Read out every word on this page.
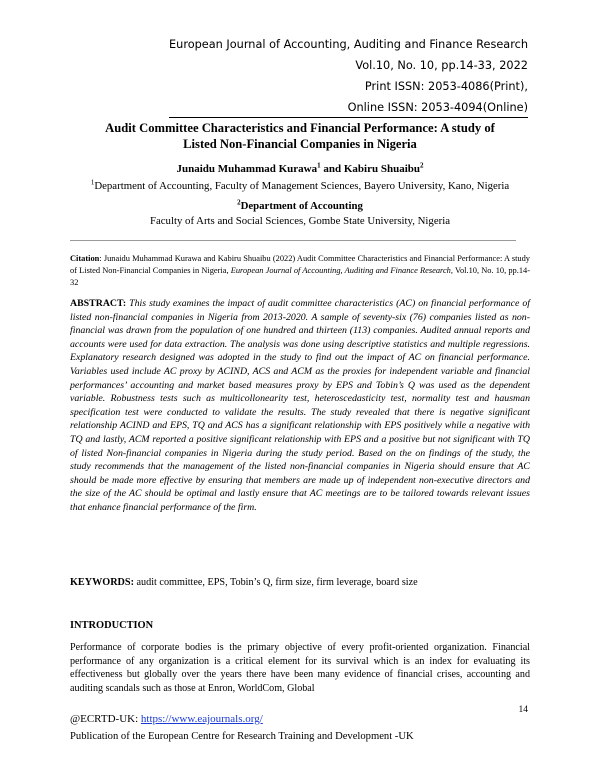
European Journal of Accounting, Auditing and Finance Research
Vol.10, No. 10, pp.14-33, 2022
Print ISSN: 2053-4086(Print),
Online ISSN: 2053-4094(Online)
Audit Committee Characteristics and Financial Performance: A study of
Listed Non-Financial Companies in Nigeria
Junaidu Muhammad Kurawa$^1$ and Kabiru Shuaibu$^2$
$^1$Department of Accounting, Faculty of Management Sciences, Bayero University, Kano, Nigeria
$^2$Department of Accounting
Faculty of Arts and Social Sciences, Gombe State University, Nigeria
Citation: Junaidu Muhammad Kurawa and Kabiru Shuaibu (2022) Audit Committee Characteristics and Financial Performance: A study of Listed Non-Financial Companies in Nigeria, European Journal of Accounting, Auditing and Finance Research, Vol.10, No. 10, pp.14-32
ABSTRACT: This study examines the impact of audit committee characteristics (AC) on financial performance of listed non-financial companies in Nigeria from 2013-2020. A sample of seventy-six (76) companies listed as non-financial was drawn from the population of one hundred and thirteen (113) companies. Audited annual reports and accounts were used for data extraction. The analysis was done using descriptive statistics and multiple regressions. Explanatory research designed was adopted in the study to find out the impact of AC on financial performance. Variables used include AC proxy by ACIND, ACS and ACM as the proxies for independent variable and financial performances’ accounting and market based measures proxy by EPS and Tobin’s Q was used as the dependent variable. Robustness tests such as multicollonearity test, heteroscedasticity test, normality test and hausman specification test were conducted to validate the results. The study revealed that there is negative significant relationship ACIND and EPS, TQ and ACS has a significant relationship with EPS positively while a negative with TQ and lastly, ACM reported a positive significant relationship with EPS and a positive but not significant with TQ of listed Non-financial companies in Nigeria during the study period. Based on the on findings of the study, the study recommends that the management of the listed non-financial companies in Nigeria should ensure that AC should be made more effective by ensuring that members are made up of independent non-executive directors and the size of the AC should be optimal and lastly ensure that AC meetings are to be tailored towards relevant issues that enhance financial performance of the firm.
KEYWORDS: audit committee, EPS, Tobin’s Q, firm size, firm leverage, board size
INTRODUCTION
Performance of corporate bodies is the primary objective of every profit-oriented organization. Financial performance of any organization is a critical element for its survival which is an index for evaluating its effectiveness but globally over the years there have been many evidence of financial crises, accounting and auditing scandals such as those at Enron, WorldCom, Global
14
@ECRTD-UK: https://www.eajournals.org/
Publication of the European Centre for Research Training and Development -UK
